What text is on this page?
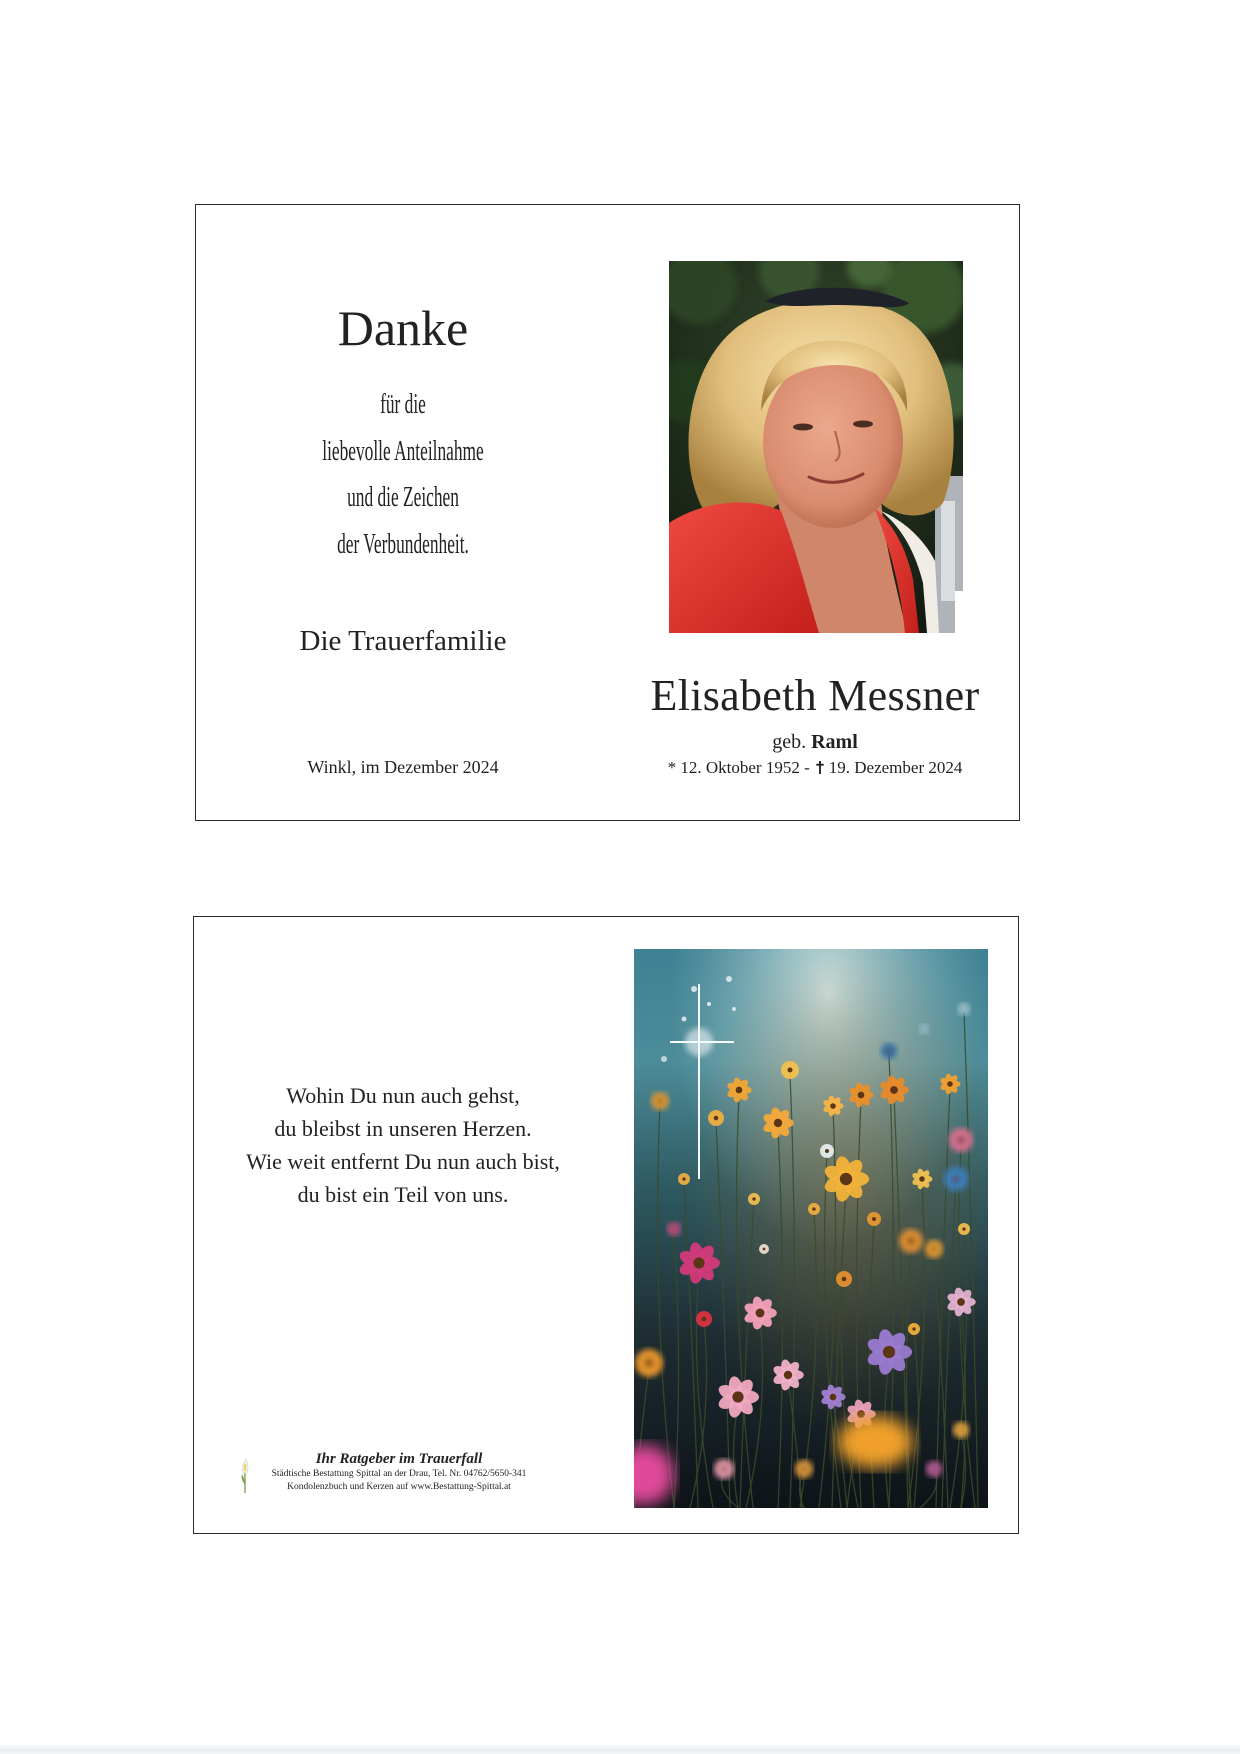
Danke
für die
liebevolle Anteilnahme
und die Zeichen
der Verbundenheit.
Die Trauerfamilie
Winkl, im Dezember 2024
Elisabeth Messner
geb. Raml
* 12. Oktober 1952 - 19. Dezember 2024
Wohin Du nun auch gehst,
du bleibst in unseren Herzen.
Wie weit entfernt Du nun auch bist,
du bist ein Teil von uns.
Ihr Ratgeber im Trauerfall
Städtische Bestattung Spittal an der Drau, Tel. Nr. 04762/5650-341
Kondolenzbuch und Kerzen auf www.Bestattung-Spittal.at
